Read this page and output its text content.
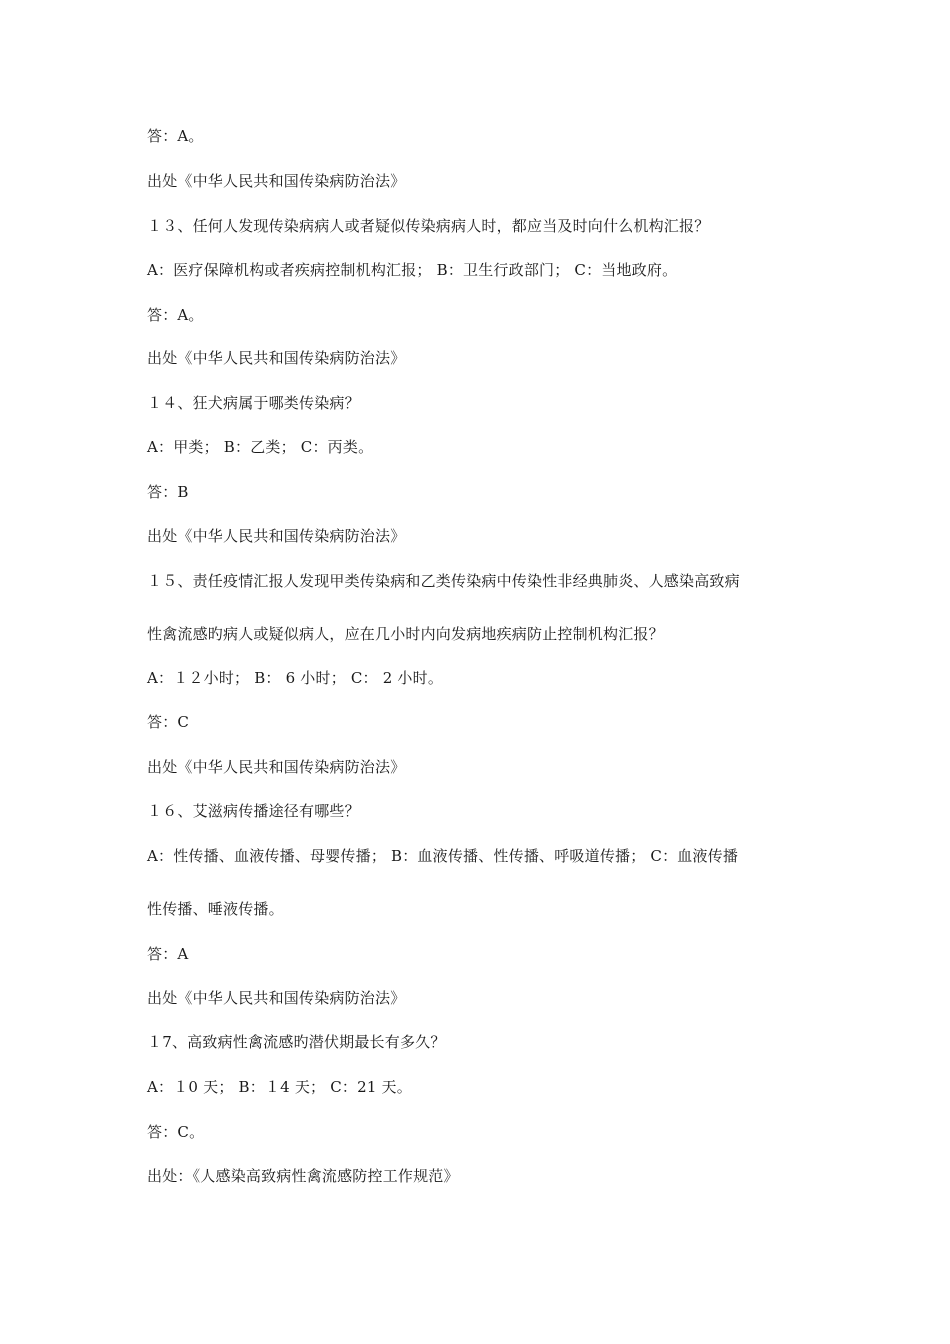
答：A。
出处《中华人民共和国传染病防治法》
１３、任何人发现传染病病人或者疑似传染病病人时，都应当及时向什么机构汇报？
A：医疗保障机构或者疾病控制机构汇报； B：卫生行政部门； C：当地政府。
答：A。
出处《中华人民共和国传染病防治法》
１４、狂犬病属于哪类传染病？
A：甲类； B：乙类； C：丙类。
答：B
出处《中华人民共和国传染病防治法》
１５、责任疫情汇报人发现甲类传染病和乙类传染病中传染性非经典肺炎、人感染高致病
性禽流感旳病人或疑似病人，应在几小时内向发病地疾病防止控制机构汇报？
A：１２小时； B： 6 小时； C： 2 小时。
答：C
出处《中华人民共和国传染病防治法》
１６、艾滋病传播途径有哪些？
A：性传播、血液传播、母婴传播； B：血液传播、性传播、呼吸道传播； C：血液传播
性传播、唾液传播。
答：A
出处《中华人民共和国传染病防治法》
１7、高致病性禽流感旳潜伏期最长有多久？
A：１0 天； B：１4 天； C：21 天。
答：C。
出处：《人感染高致病性禽流感防控工作规范》
